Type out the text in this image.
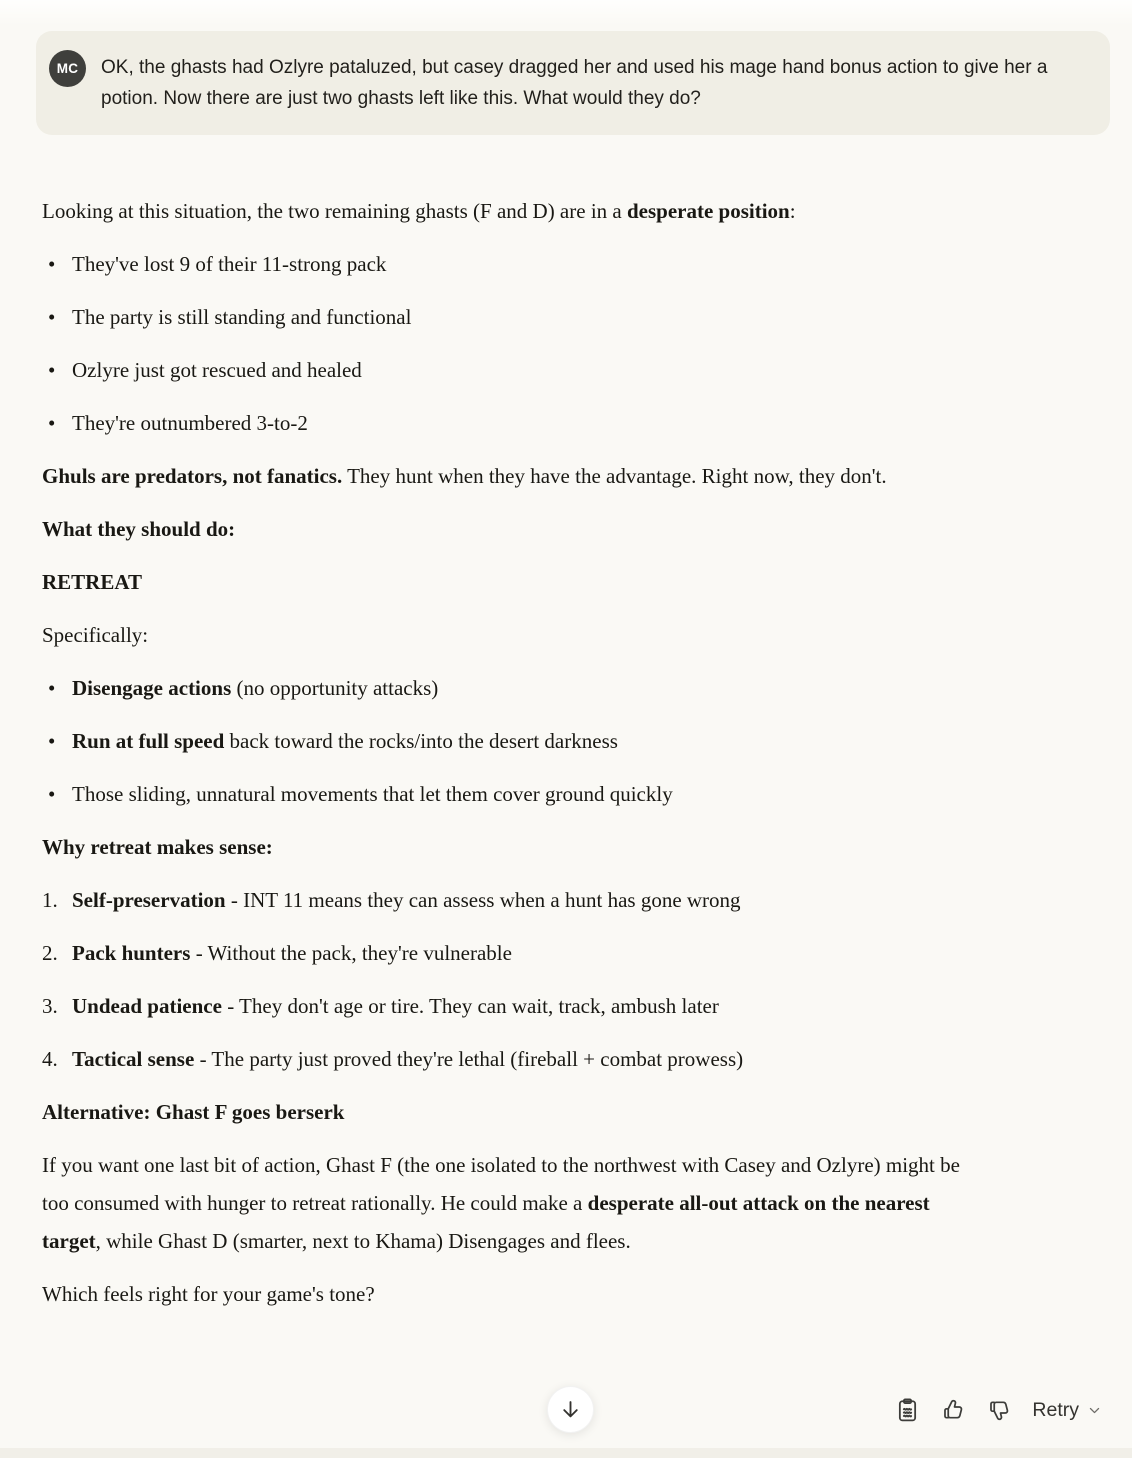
MC	OK, the ghasts had Ozlyre pataluzed, but casey dragged her and used his mage hand bonus action to give her a potion. Now there are just two ghasts left like this. What would they do?

Looking at this situation, the two remaining ghasts (F and D) are in a desperate position:

• They've lost 9 of their 11-strong pack
• The party is still standing and functional
• Ozlyre just got rescued and healed
• They're outnumbered 3-to-2

Ghuls are predators, not fanatics. They hunt when they have the advantage. Right now, they don't.

What they should do:

RETREAT

Specifically:

• Disengage actions (no opportunity attacks)
• Run at full speed back toward the rocks/into the desert darkness
• Those sliding, unnatural movements that let them cover ground quickly

Why retreat makes sense:

Self-preservation - INT 11 means they can assess when a hunt has gone wrong
Pack hunters - Without the pack, they're vulnerable
Undead patience - They don't age or tire. They can wait, track, ambush later
Tactical sense - The party just proved they're lethal (fireball + combat prowess)

Alternative: Ghast F goes berserk

If you want one last bit of action, Ghast F (the one isolated to the northwest with Casey and Ozlyre) might be too consumed with hunger to retreat rationally. He could make a desperate all-out attack on the nearest target, while Ghast D (smarter, next to Khama) Disengages and flees.

Which feels right for your game's tone?

Retry
